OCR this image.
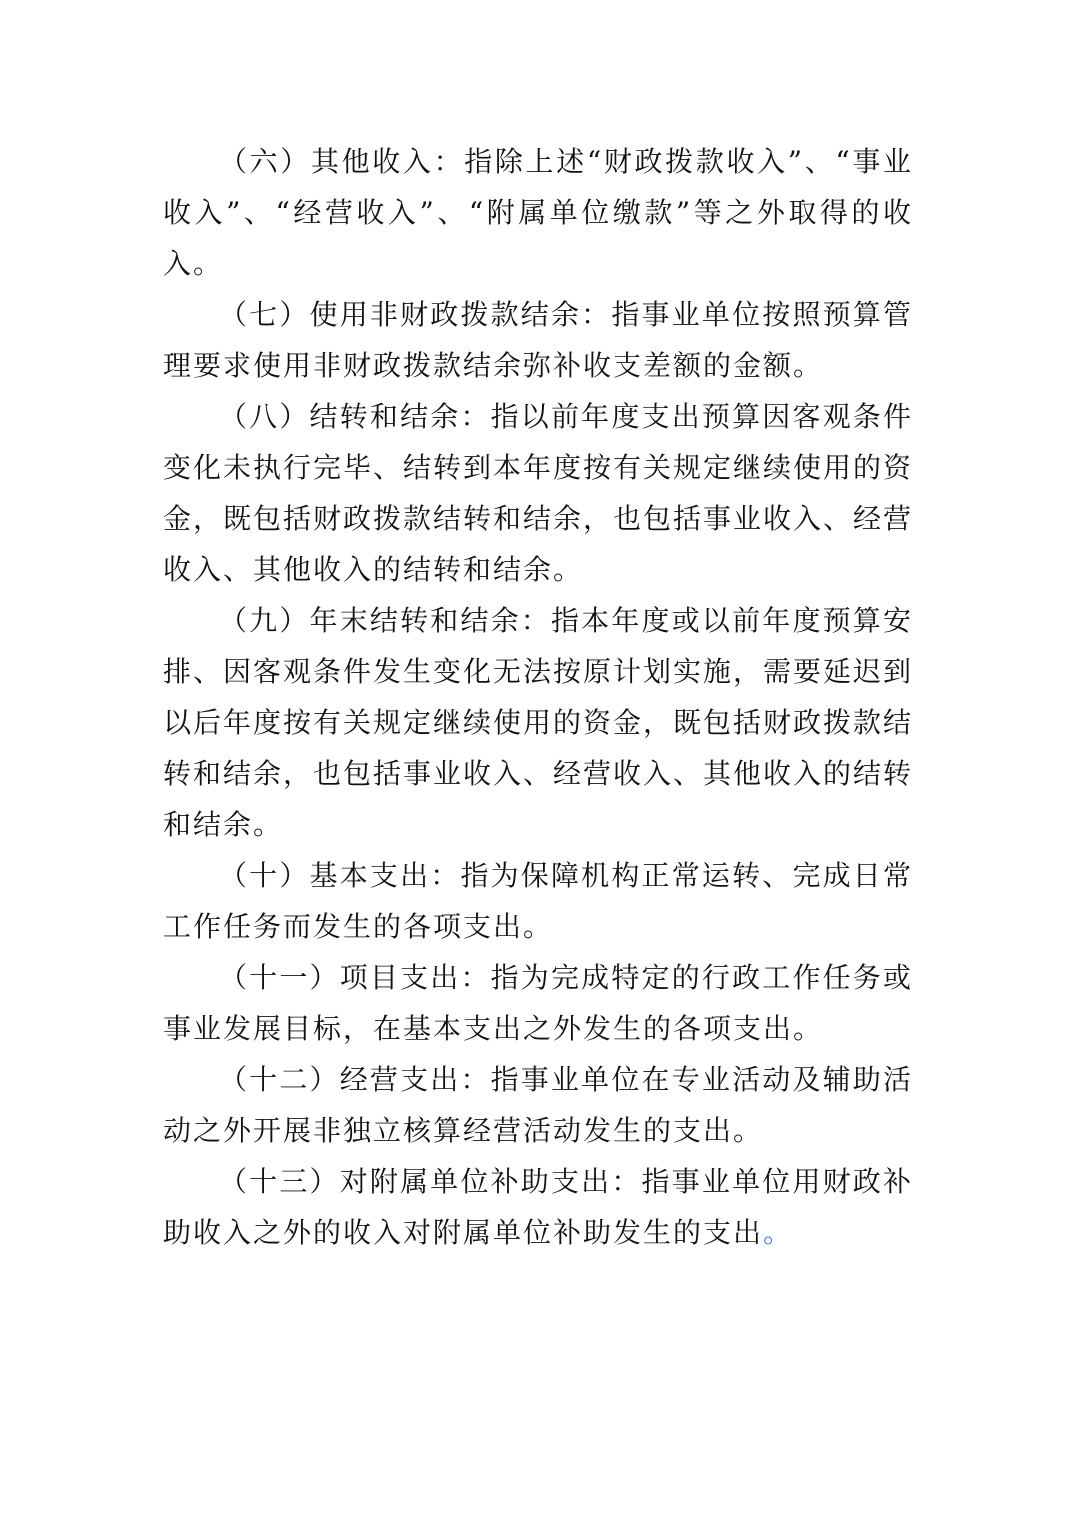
（六）其他收入：指除上述“财政拨款收入”、“事业收入”、“经营收入”、“附属单位缴款”等之外取得的收入。

（七）使用非财政拨款结余：指事业单位按照预算管理要求使用非财政拨款结余弥补收支差额的金额。

（八）结转和结余：指以前年度支出预算因客观条件变化未执行完毕、结转到本年度按有关规定继续使用的资金，既包括财政拨款结转和结余，也包括事业收入、经营收入、其他收入的结转和结余。

（九）年末结转和结余：指本年度或以前年度预算安排、因客观条件发生变化无法按原计划实施，需要延迟到以后年度按有关规定继续使用的资金，既包括财政拨款结转和结余，也包括事业收入、经营收入、其他收入的结转和结余。

（十）基本支出：指为保障机构正常运转、完成日常工作任务而发生的各项支出。

（十一）项目支出：指为完成特定的行政工作任务或事业发展目标，在基本支出之外发生的各项支出。

（十二）经营支出：指事业单位在专业活动及辅助活动之外开展非独立核算经营活动发生的支出。

（十三）对附属单位补助支出：指事业单位用财政补助收入之外的收入对附属单位补助发生的支出。
